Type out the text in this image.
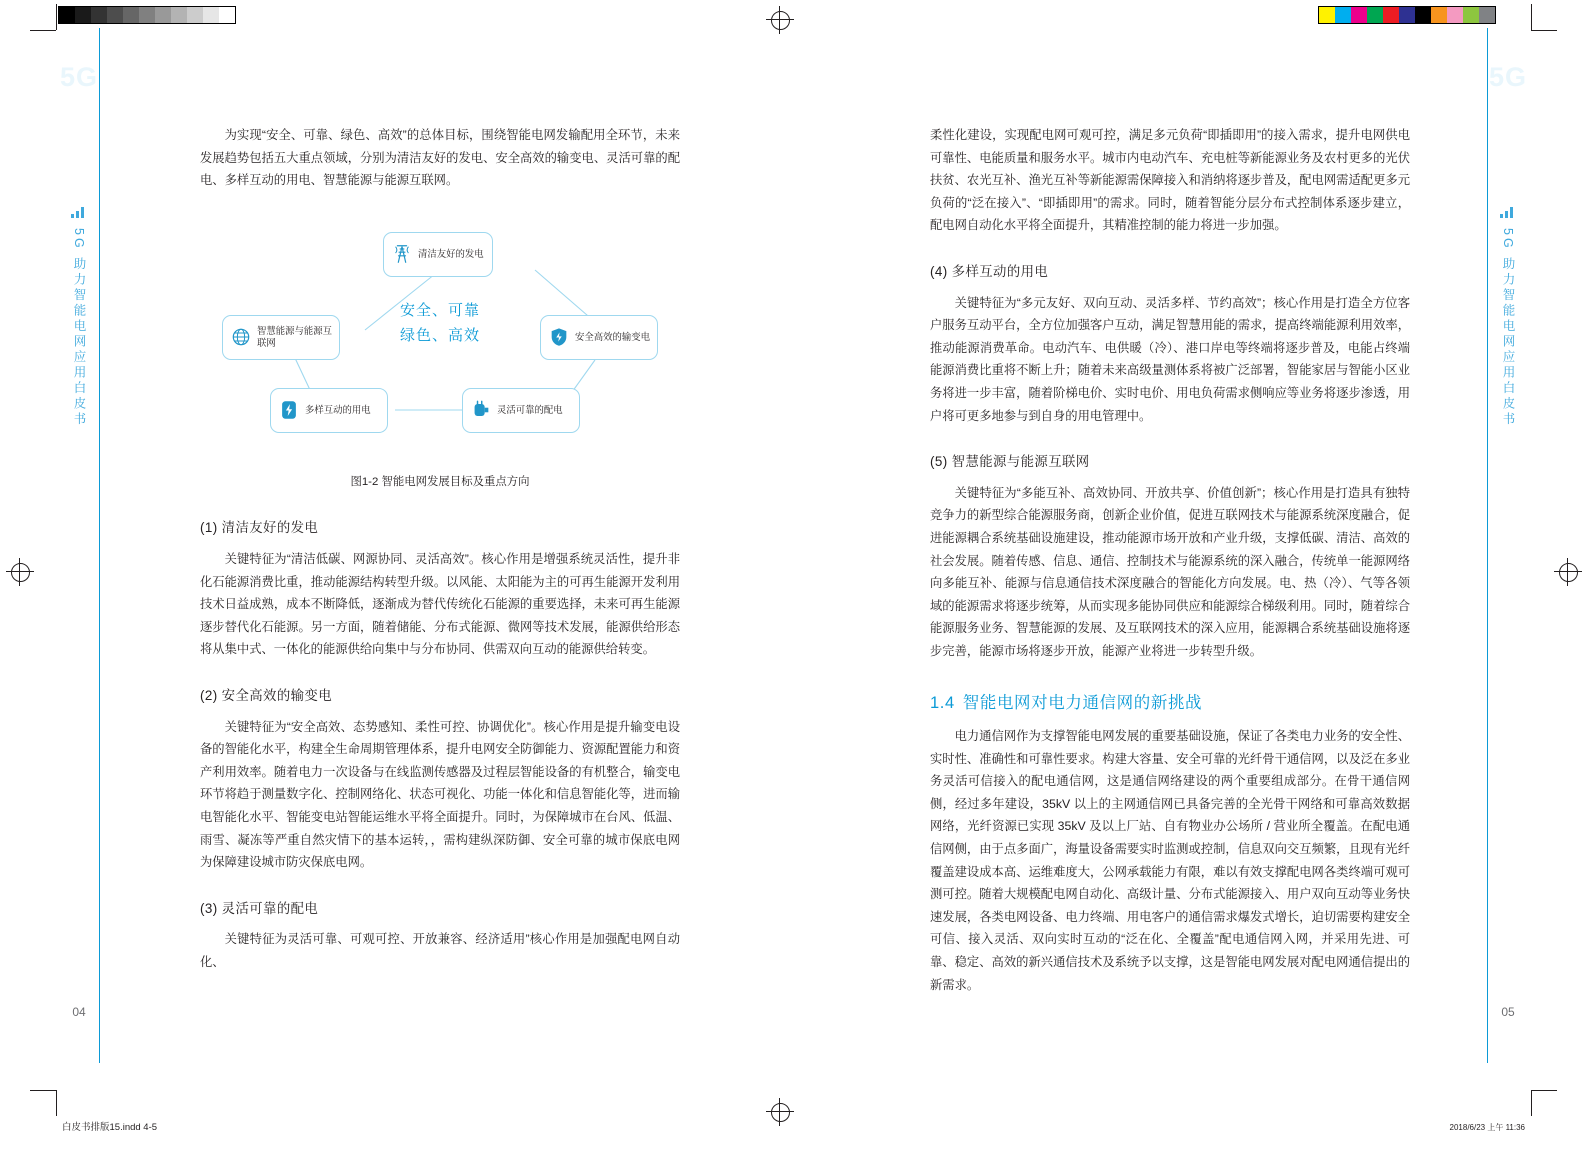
5G
5G 助力智能电网应用白皮书
04
5G
5G 助力智能电网应用白皮书
05

为实现“安全、可靠、绿色、高效”的总体目标，围绕智能电网发输配用全环节，未来发展趋势包括五大重点领域，分别为清洁友好的发电、安全高效的输变电、灵活可靠的配电、多样互动的用电、智慧能源与能源互联网。

清洁友好的发电
智慧能源与能源互联网
安全高效的输变电
多样互动的用电	灵活可靠的配电
安全、可靠
绿色、高效
图1-2 智能电网发展目标及重点方向
(1) 清洁友好的发电

关键特征为“清洁低碳、网源协同、灵活高效”。核心作用是增强系统灵活性，提升非化石能源消费比重，推动能源结构转型升级。以风能、太阳能为主的可再生能源开发利用技术日益成熟，成本不断降低，逐渐成为替代传统化石能源的重要选择，未来可再生能源逐步替代化石能源。另一方面，随着储能、分布式能源、微网等技术发展，能源供给形态将从集中式、一体化的能源供给向集中与分布协同、供需双向互动的能源供给转变。

(2) 安全高效的输变电

关键特征为“安全高效、态势感知、柔性可控、协调优化”。核心作用是提升输变电设备的智能化水平，构建全生命周期管理体系，提升电网安全防御能力、资源配置能力和资产利用效率。随着电力一次设备与在线监测传感器及过程层智能设备的有机整合，输变电环节将趋于测量数字化、控制网络化、状态可视化、功能一体化和信息智能化等，进而输电智能化水平、智能变电站智能运维水平将全面提升。同时，为保障城市在台风、低温、雨雪、凝冻等严重自然灾情下的基本运转，，需构建纵深防御、安全可靠的城市保底电网为保障建设城市防灾保底电网。

(3) 灵活可靠的配电

关键特征为灵活可靠、可观可控、开放兼容、经济适用”核心作用是加强配电网自动化、

柔性化建设，实现配电网可观可控，满足多元负荷“即插即用”的接入需求，提升电网供电可靠性、电能质量和服务水平。城市内电动汽车、充电桩等新能源业务及农村更多的光伏扶贫、农光互补、渔光互补等新能源需保障接入和消纳将逐步普及，配电网需适配更多元负荷的“泛在接入”、“即插即用”的需求。同时，随着智能分层分布式控制体系逐步建立，配电网自动化水平将全面提升，其精准控制的能力将进一步加强。

(4) 多样互动的用电

关键特征为“多元友好、双向互动、灵活多样、节约高效”；核心作用是打造全方位客户服务互动平台，全方位加强客户互动，满足智慧用能的需求，提高终端能源利用效率，推动能源消费革命。电动汽车、电供暖（冷）、港口岸电等终端将逐步普及，电能占终端能源消费比重将不断上升；随着未来高级量测体系将被广泛部署，智能家居与智能小区业务将进一步丰富，随着阶梯电价、实时电价、用电负荷需求侧响应等业务将逐步渗透，用户将可更多地参与到自身的用电管理中。

(5) 智慧能源与能源互联网

关键特征为“多能互补、高效协同、开放共享、价值创新”；核心作用是打造具有独特竞争力的新型综合能源服务商，创新企业价值，促进互联网技术与能源系统深度融合，促进能源耦合系统基础设施建设，推动能源市场开放和产业升级，支撑低碳、清洁、高效的社会发展。随着传感、信息、通信、控制技术与能源系统的深入融合，传统单一能源网络向多能互补、能源与信息通信技术深度融合的智能化方向发展。电、热（冷）、气等各领域的能源需求将逐步统筹，从而实现多能协同供应和能源综合梯级利用。同时，随着综合能源服务业务、智慧能源的发展、及互联网技术的深入应用，能源耦合系统基础设施将逐步完善，能源市场将逐步开放，能源产业将进一步转型升级。

1.4 智能电网对电力通信网的新挑战

电力通信网作为支撑智能电网发展的重要基础设施，保证了各类电力业务的安全性、实时性、准确性和可靠性要求。构建大容量、安全可靠的光纤骨干通信网，以及泛在多业务灵活可信接入的配电通信网，这是通信网络建设的两个重要组成部分。在骨干通信网侧，经过多年建设，35kV 以上的主网通信网已具备完善的全光骨干网络和可靠高效数据网络，光纤资源已实现 35kV 及以上厂站、自有物业办公场所 / 营业所全覆盖。在配电通信网侧，由于点多面广，海量设备需要实时监测或控制，信息双向交互频繁，且现有光纤覆盖建设成本高、运维难度大，公网承载能力有限，难以有效支撑配电网各类终端可观可测可控。随着大规模配电网自动化、高级计量、分布式能源接入、用户双向互动等业务快速发展，各类电网设备、电力终端、用电客户的通信需求爆发式增长，迫切需要构建安全可信、接入灵活、双向实时互动的“泛在化、全覆盖”配电通信网入网，并采用先进、可靠、稳定、高效的新兴通信技术及系统予以支撑，这是智能电网发展对配电网通信提出的新需求。

白皮书排版15.indd 4-5	2018/6/23 上午 11:36
